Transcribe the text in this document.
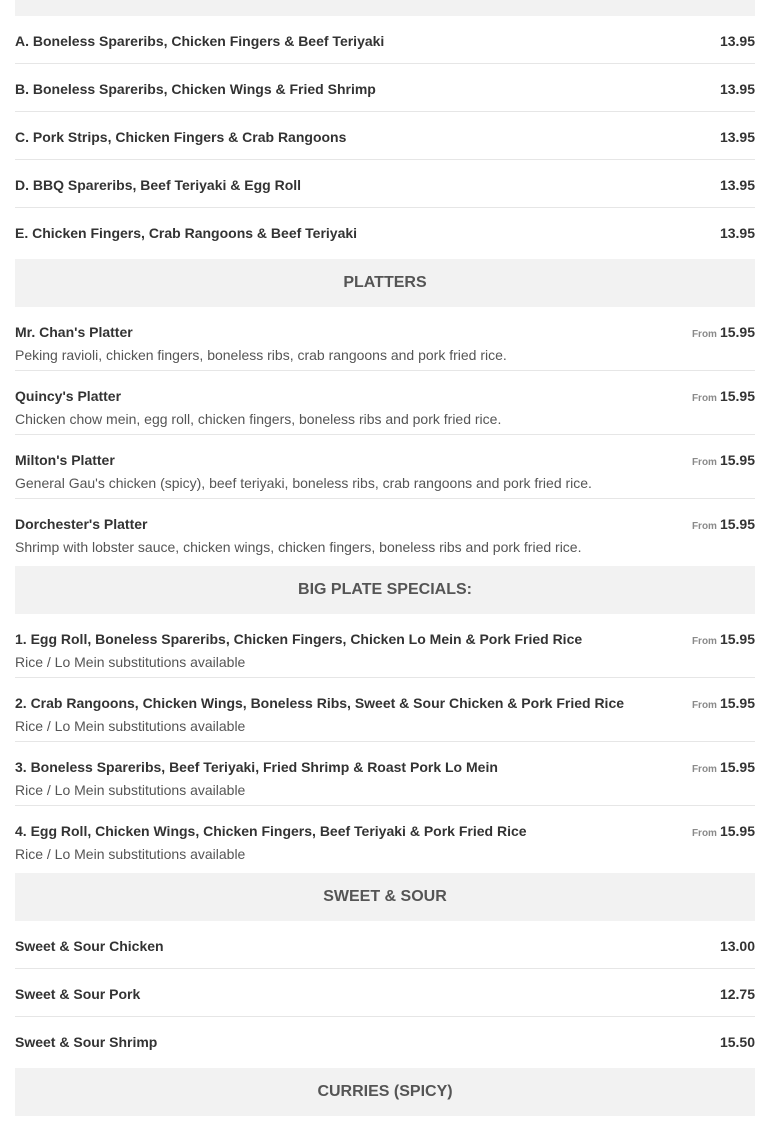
A. Boneless Spareribs, Chicken Fingers & Beef Teriyaki	13.95
B. Boneless Spareribs, Chicken Wings & Fried Shrimp	13.95
C. Pork Strips, Chicken Fingers & Crab Rangoons	13.95
D. BBQ Spareribs, Beef Teriyaki & Egg Roll	13.95
E. Chicken Fingers, Crab Rangoons & Beef Teriyaki	13.95
PLATTERS
Mr. Chan's Platter
Peking ravioli, chicken fingers, boneless ribs, crab rangoons and pork fried rice.
From 15.95
Quincy's Platter
Chicken chow mein, egg roll, chicken fingers, boneless ribs and pork fried rice.
From 15.95
Milton's Platter
General Gau's chicken (spicy), beef teriyaki, boneless ribs, crab rangoons and pork fried rice.
From 15.95
Dorchester's Platter
Shrimp with lobster sauce, chicken wings, chicken fingers, boneless ribs and pork fried rice.
From 15.95
BIG PLATE SPECIALS:
1. Egg Roll, Boneless Spareribs, Chicken Fingers, Chicken Lo Mein & Pork Fried Rice
Rice / Lo Mein substitutions available
From 15.95
2. Crab Rangoons, Chicken Wings, Boneless Ribs, Sweet & Sour Chicken & Pork Fried Rice
Rice / Lo Mein substitutions available
From 15.95
3. Boneless Spareribs, Beef Teriyaki, Fried Shrimp & Roast Pork Lo Mein
Rice / Lo Mein substitutions available
From 15.95
4. Egg Roll, Chicken Wings, Chicken Fingers, Beef Teriyaki & Pork Fried Rice
Rice / Lo Mein substitutions available
From 15.95
SWEET & SOUR
Sweet & Sour Chicken	13.00
Sweet & Sour Pork	12.75
Sweet & Sour Shrimp	15.50
CURRIES (SPICY)
